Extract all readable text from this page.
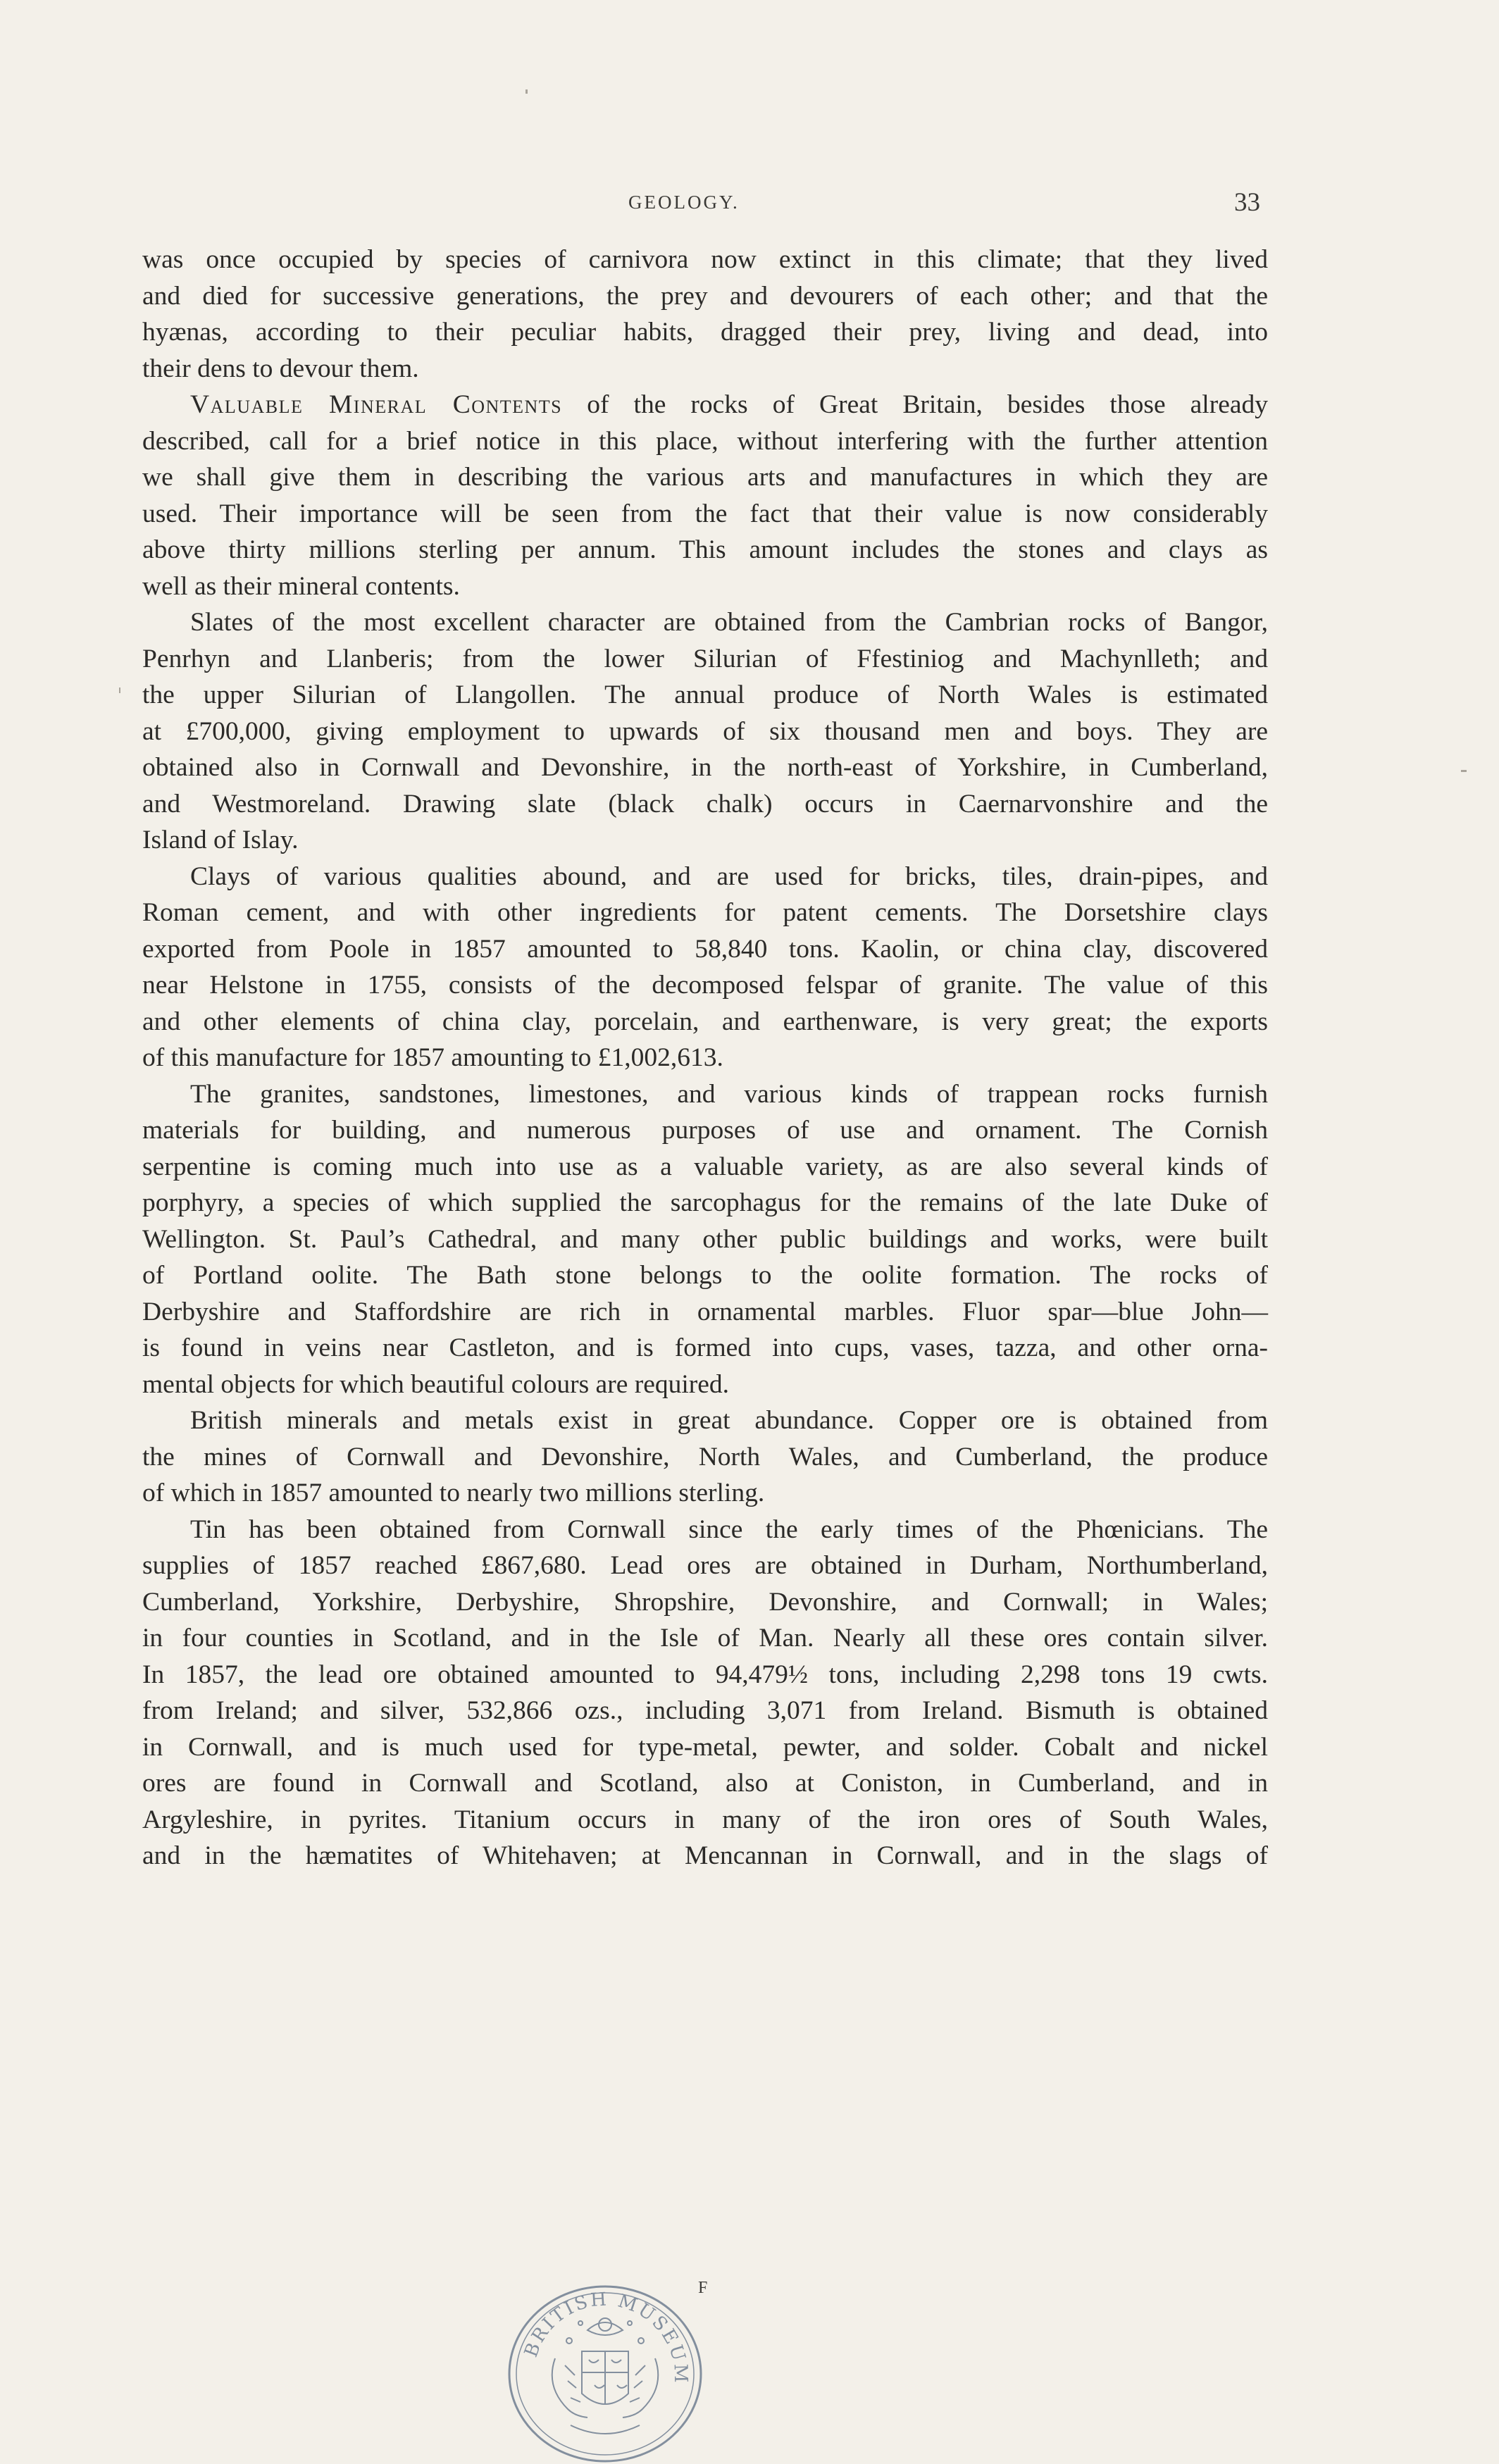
GEOLOGY.	33
was once occupied by species of carnivora now extinct in this climate; that they lived
and died for successive generations, the prey and devourers of each other; and that the
hyænas, according to their peculiar habits, dragged their prey, living and dead, into
their dens to devour them.
Valuable Mineral Contents of the rocks of Great Britain, besides those already
described, call for a brief notice in this place, without interfering with the further attention
we shall give them in describing the various arts and manufactures in which they are
used. Their importance will be seen from the fact that their value is now considerably
above thirty millions sterling per annum. This amount includes the stones and clays as
well as their mineral contents.
Slates of the most excellent character are obtained from the Cambrian rocks of Bangor,
Penrhyn and Llanberis; from the lower Silurian of Ffestiniog and Machynlleth; and
the upper Silurian of Llangollen. The annual produce of North Wales is estimated
at £700,000, giving employment to upwards of six thousand men and boys. They are
obtained also in Cornwall and Devonshire, in the north-east of Yorkshire, in Cumberland,
and Westmoreland. Drawing slate (black chalk) occurs in Caernarvonshire and the
Island of Islay.
Clays of various qualities abound, and are used for bricks, tiles, drain-pipes, and
Roman cement, and with other ingredients for patent cements. The Dorsetshire clays
exported from Poole in 1857 amounted to 58,840 tons. Kaolin, or china clay, discovered
near Helstone in 1755, consists of the decomposed felspar of granite. The value of this
and other elements of china clay, porcelain, and earthenware, is very great; the exports
of this manufacture for 1857 amounting to £1,002,613.
The granites, sandstones, limestones, and various kinds of trappean rocks furnish
materials for building, and numerous purposes of use and ornament. The Cornish
serpentine is coming much into use as a valuable variety, as are also several kinds of
porphyry, a species of which supplied the sarcophagus for the remains of the late Duke of
Wellington. St. Paul’s Cathedral, and many other public buildings and works, were built
of Portland oolite. The Bath stone belongs to the oolite formation. The rocks of
Derbyshire and Staffordshire are rich in ornamental marbles. Fluor spar—blue John—
is found in veins near Castleton, and is formed into cups, vases, tazza, and other orna-
mental objects for which beautiful colours are required.
British minerals and metals exist in great abundance. Copper ore is obtained from
the mines of Cornwall and Devonshire, North Wales, and Cumberland, the produce
of which in 1857 amounted to nearly two millions sterling.
Tin has been obtained from Cornwall since the early times of the Phœnicians. The
supplies of 1857 reached £867,680. Lead ores are obtained in Durham, Northumberland,
Cumberland, Yorkshire, Derbyshire, Shropshire, Devonshire, and Cornwall; in Wales;
in four counties in Scotland, and in the Isle of Man. Nearly all these ores contain silver.
In 1857, the lead ore obtained amounted to 94,479½ tons, including 2,298 tons 19 cwts.
from Ireland; and silver, 532,866 ozs., including 3,071 from Ireland. Bismuth is obtained
in Cornwall, and is much used for type-metal, pewter, and solder. Cobalt and nickel
ores are found in Cornwall and Scotland, also at Coniston, in Cumberland, and in
Argyleshire, in pyrites. Titanium occurs in many of the iron ores of South Wales,
and in the hæmatites of Whitehaven; at Mencannan in Cornwall, and in the slags of
F
BRITISH MUSEUM
